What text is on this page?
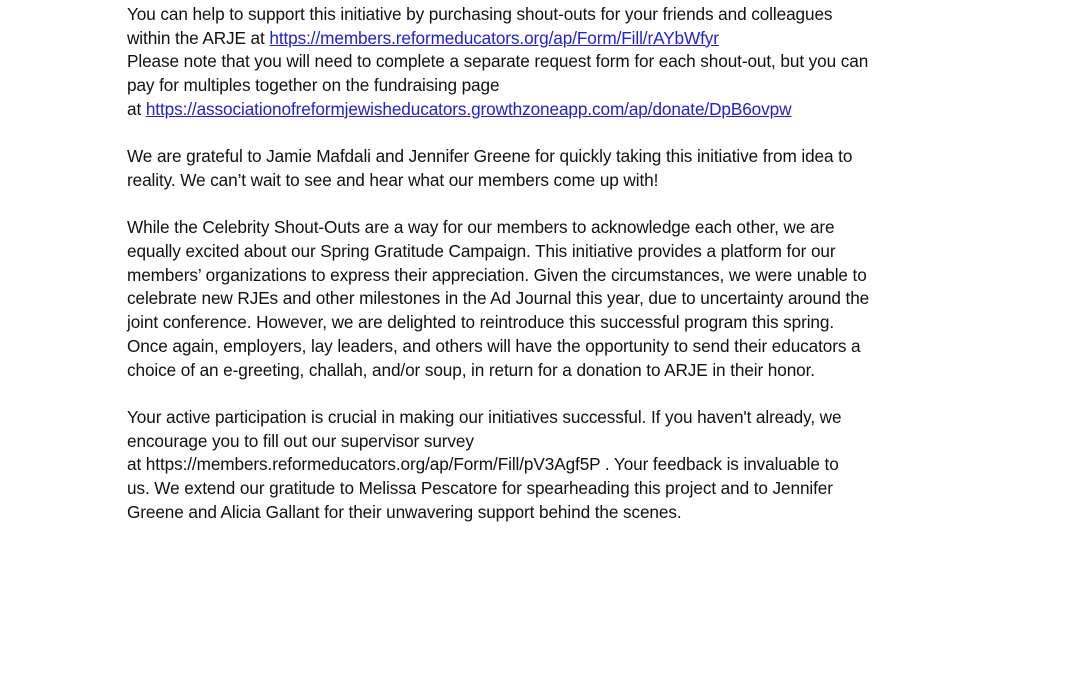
You can help to support this initiative by purchasing shout-outs for your friends and colleagues
within the ARJE at https://members.reformeducators.org/ap/Form/Fill/rAYbWfyr
Please note that you will need to complete a separate request form for each shout-out, but you can
pay for multiples together on the fundraising page
at https://associationofreformjewisheducators.growthzoneapp.com/ap/donate/DpB6ovpw

We are grateful to Jamie Mafdali and Jennifer Greene for quickly taking this initiative from idea to
reality. We can’t wait to see and hear what our members come up with!

While the Celebrity Shout-Outs are a way for our members to acknowledge each other, we are
equally excited about our Spring Gratitude Campaign. This initiative provides a platform for our
members’ organizations to express their appreciation. Given the circumstances, we were unable to
celebrate new RJEs and other milestones in the Ad Journal this year, due to uncertainty around the
joint conference. However, we are delighted to reintroduce this successful program this spring.
Once again, employers, lay leaders, and others will have the opportunity to send their educators a
choice of an e-greeting, challah, and/or soup, in return for a donation to ARJE in their honor.

Your active participation is crucial in making our initiatives successful. If you haven't already, we
encourage you to fill out our supervisor survey
at https://members.reformeducators.org/ap/Form/Fill/pV3Agf5P . Your feedback is invaluable to
us. We extend our gratitude to Melissa Pescatore for spearheading this project and to Jennifer
Greene and Alicia Gallant for their unwavering support behind the scenes.
